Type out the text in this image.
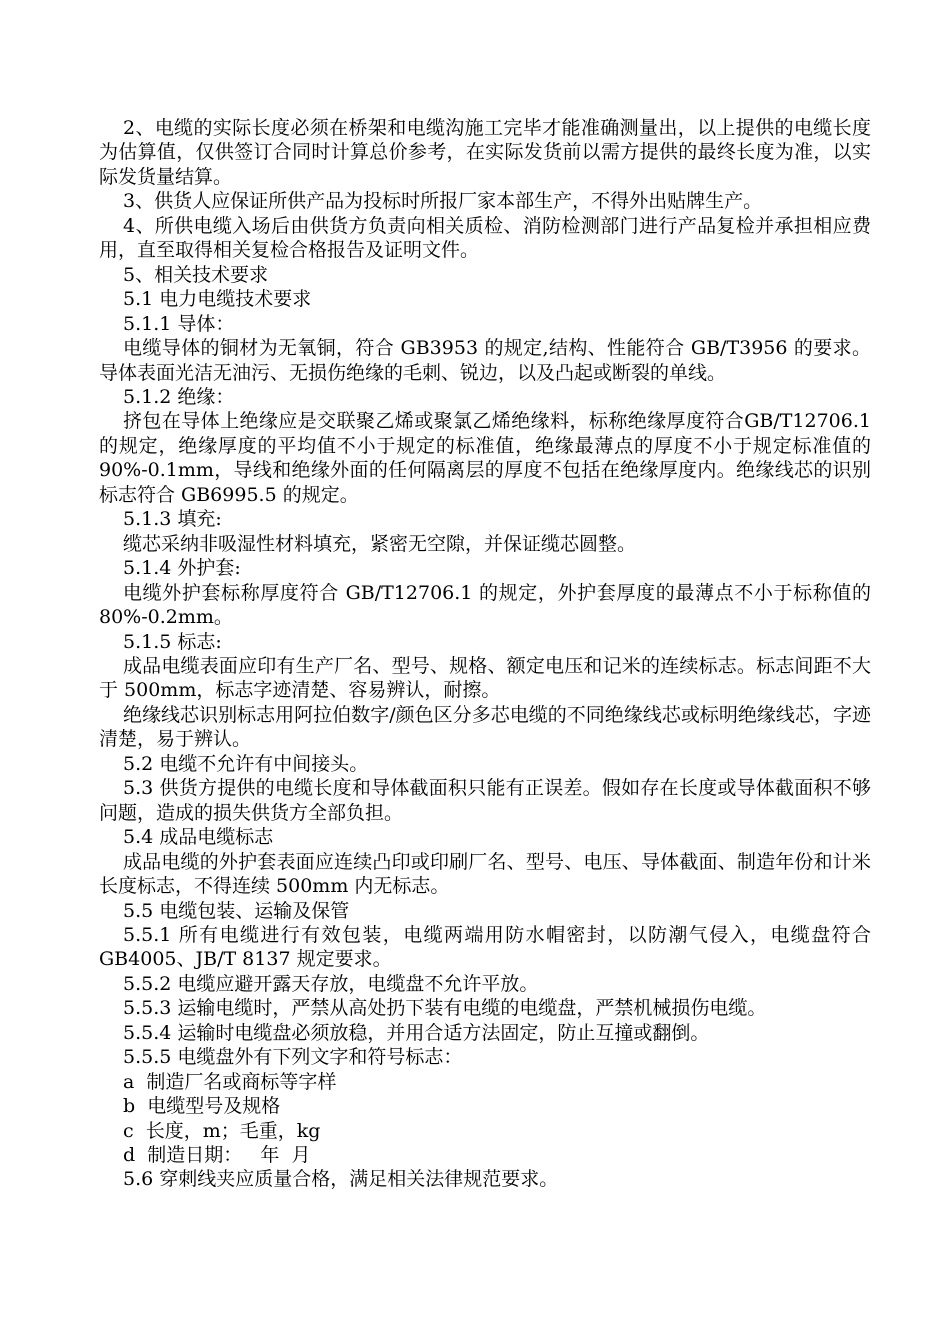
2、电缆的实际长度必须在桥架和电缆沟施工完毕才能准确测量出，以上提供的电缆长度为估算值，仅供签订合同时计算总价参考，在实际发货前以需方提供的最终长度为准，以实际发货量结算。

3、供货人应保证所供产品为投标时所报厂家本部生产，不得外出贴牌生产。

4、所供电缆入场后由供货方负责向相关质检、消防检测部门进行产品复检并承担相应费用，直至取得相关复检合格报告及证明文件。

5、相关技术要求

5.1 电力电缆技术要求

5.1.1 导体：

电缆导体的铜材为无氧铜，符合 GB3953 的规定,结构、性能符合 GB/T3956 的要求。导体表面光洁无油污、无损伤绝缘的毛刺、锐边，以及凸起或断裂的单线。

5.1.2 绝缘：

挤包在导体上绝缘应是交联聚乙烯或聚氯乙烯绝缘料，标称绝缘厚度符合GB/T12706.1 的规定，绝缘厚度的平均值不小于规定的标准值，绝缘最薄点的厚度不小于规定标准值的 90%-0.1mm，导线和绝缘外面的任何隔离层的厚度不包括在绝缘厚度内。绝缘线芯的识别标志符合 GB6995.5 的规定。

5.1.3 填充:

缆芯采纳非吸湿性材料填充，紧密无空隙，并保证缆芯圆整。

5.1.4 外护套:

电缆外护套标称厚度符合 GB/T12706.1 的规定，外护套厚度的最薄点不小于标称值的 80%-0.2mm。

5.1.5 标志:

成品电缆表面应印有生产厂名、型号、规格、额定电压和记米的连续标志。标志间距不大于 500mm，标志字迹清楚、容易辨认，耐擦。

绝缘线芯识别标志用阿拉伯数字/颜色区分多芯电缆的不同绝缘线芯或标明绝缘线芯，字迹清楚，易于辨认。

5.2 电缆不允许有中间接头。

5.3 供货方提供的电缆长度和导体截面积只能有正误差。假如存在长度或导体截面积不够问题，造成的损失供货方全部负担。

5.4 成品电缆标志

成品电缆的外护套表面应连续凸印或印刷厂名、型号、电压、导体截面、制造年份和计米长度标志，不得连续 500mm 内无标志。

5.5 电缆包装、运输及保管

5.5.1 所有电缆进行有效包装，电缆两端用防水帽密封，以防潮气侵入，电缆盘符合 GB4005、JB/T 8137 规定要求。

5.5.2 电缆应避开露天存放，电缆盘不允许平放。

5.5.3 运输电缆时，严禁从高处扔下装有电缆的电缆盘，严禁机械损伤电缆。

5.5.4 运输时电缆盘必须放稳，并用合适方法固定，防止互撞或翻倒。

5.5.5 电缆盘外有下列文字和符号标志：

a  制造厂名或商标等字样

b  电缆型号及规格

c  长度，m；毛重，kg

d  制造日期：   年  月

5.6 穿刺线夹应质量合格，满足相关法律规范要求。
